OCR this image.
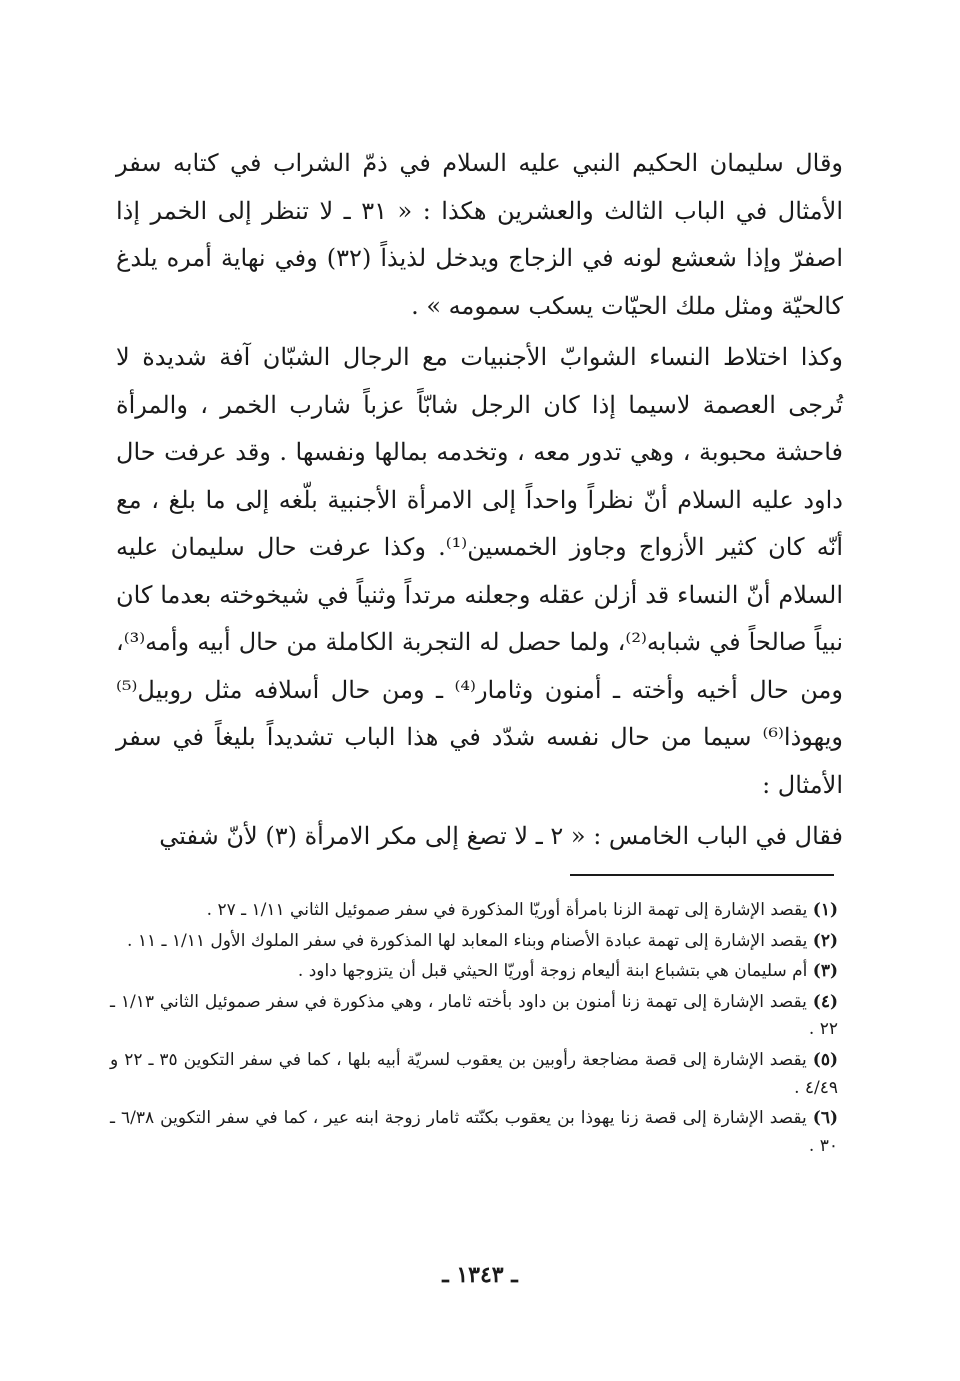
وقال سليمان الحكيم النبي عليه السلام في ذمّ الشراب في كتابه سفر الأمثال في الباب الثالث والعشرين هكذا : « ٣١ ـ لا تنظر إلى الخمر إذا اصفرّ وإذا شعشع لونه في الزجاج ويدخل لذيذاً (٣٢) وفي نهاية أمره يلدغ كالحيّة ومثل ملك الحيّات يسكب سمومه » .

وكذا اختلاط النساء الشوابّ الأجنبيات مع الرجال الشبّان آفة شديدة لا تُرجى العصمة لاسيما إذا كان الرجل شابّاً عزباً شارب الخمر ، والمرأة فاحشة محبوبة ، وهي تدور معه ، وتخدمه بمالها ونفسها . وقد عرفت حال داود عليه السلام أنّ نظراً واحداً إلى الامرأة الأجنبية بلّغه إلى ما بلغ ، مع أنّه كان كثير الأزواج وجاوز الخمسين⁽¹⁾. وكذا عرفت حال سليمان عليه السلام أنّ النساء قد أزلن عقله وجعلنه مرتداً وثنياً في شيخوخته بعدما كان نبياً صالحاً في شبابه⁽²⁾، ولما حصل له التجربة الكاملة من حال أبيه وأمه⁽³⁾، ومن حال أخيه وأخته ـ أمنون وثامار⁽⁴⁾ ـ ومن حال أسلافه مثل روبيل⁽⁵⁾ ويهوذا⁽⁶⁾ سيما من حال نفسه شدّد في هذا الباب تشديداً بليغاً في سفر الأمثال :

فقال في الباب الخامس : « ٢ ـ لا تصغ إلى مكر الامرأة (٣) لأنّ شفتي

(١) يقصد الإشارة إلى تهمة الزنا بامرأة أوريّا المذكورة في سفر صموئيل الثاني ١/١١ ـ ٢٧ .

(٢) يقصد الإشارة إلى تهمة عبادة الأصنام وبناء المعابد لها المذكورة في سفر الملوك الأول ١/١١ ـ ١١ .

(٣) أم سليمان هي بتشباع ابنة أليعام زوجة أوريّا الحيثي قبل أن يتزوجها داود .

(٤) يقصد الإشارة إلى تهمة زنا أمنون بن داود بأخته ثامار ، وهي مذكورة في سفر صموئيل الثاني ١/١٣ ـ ٢٢ .

(٥) يقصد الإشارة إلى قصة مضاجعة رأوبين بن يعقوب لسريّة أبيه بلها ، كما في سفر التكوين ٣٥ ـ ٢٢ و ٤/٤٩ .

(٦) يقصد الإشارة إلى قصة زنا يهوذا بن يعقوب بكنّته ثامار زوجة ابنه عير ، كما في سفر التكوين ٦/٣٨ ـ ٣٠ .

ـ ١٣٤٣ ـ
